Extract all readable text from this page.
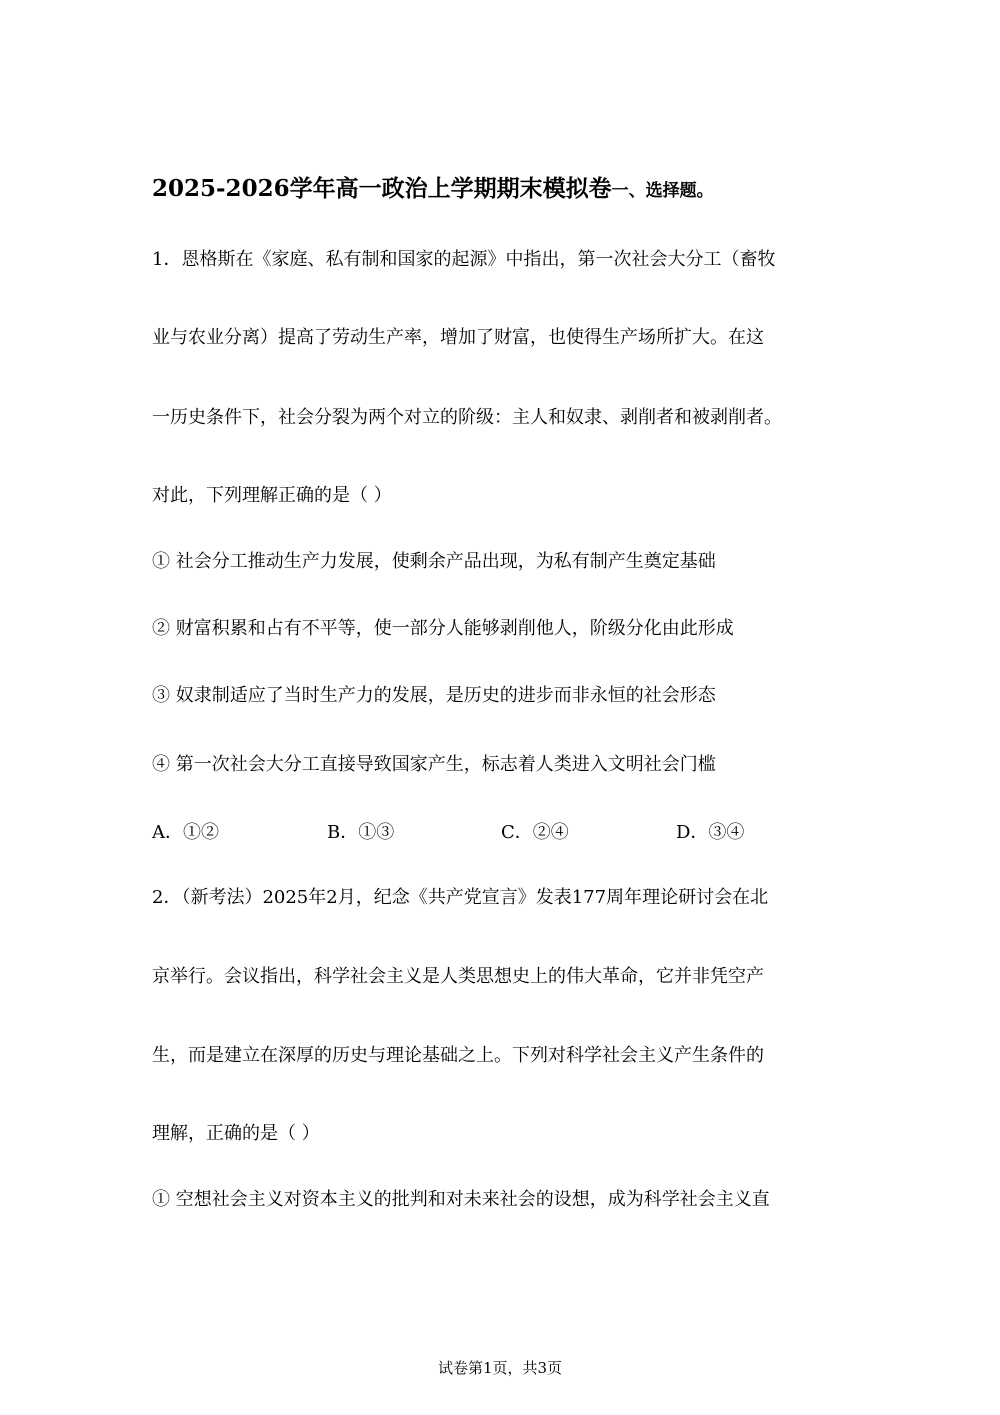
2025-2026学年高一政治上学期期末模拟卷一、选择题。
1．恩格斯在《家庭、私有制和国家的起源》中指出，第一次社会大分工（畜牧
业与农业分离）提高了劳动生产率，增加了财富，也使得生产场所扩大。在这
一历史条件下，社会分裂为两个对立的阶级：主人和奴隶、剥削者和被剥削者。
对此，下列理解正确的是（ ）
① 社会分工推动生产力发展，使剩余产品出现，为私有制产生奠定基础
② 财富积累和占有不平等，使一部分人能够剥削他人，阶级分化由此形成
③ 奴隶制适应了当时生产力的发展，是历史的进步而非永恒的社会形态
④ 第一次社会大分工直接导致国家产生，标志着人类进入文明社会门槛
A．①②	B．①③	C．②④	D．③④
2．（新考法）2025年2月，纪念《共产党宣言》发表177周年理论研讨会在北
京举行。会议指出，科学社会主义是人类思想史上的伟大革命，它并非凭空产
生，而是建立在深厚的历史与理论基础之上。下列对科学社会主义产生条件的
理解，正确的是（ ）
① 空想社会主义对资本主义的批判和对未来社会的设想，成为科学社会主义直
试卷第1页，共3页
